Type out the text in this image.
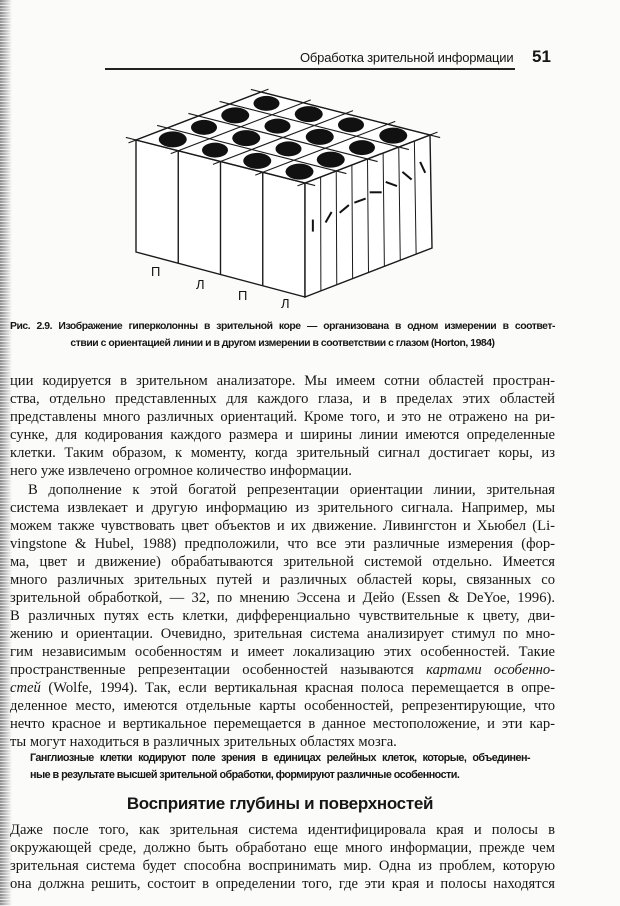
Обработка зрительной информации 51
П
Л
П
Л
Рис. 2.9. Изображение гиперколонны в зрительной коре — организована в одном измерении в соответ-
ствии с ориентацией линии и в другом измерении в соответствии с глазом (Horton, 1984)
ции кодируется в зрительном анализаторе. Мы имеем сотни областей простран-
ства, отдельно представленных для каждого глаза, и в пределах этих областей
представлены много различных ориентаций. Кроме того, и это не отражено на ри-
сунке, для кодирования каждого размера и ширины линии имеются определенные
клетки. Таким образом, к моменту, когда зрительный сигнал достигает коры, из
него уже извлечено огромное количество информации.
В дополнение к этой богатой репрезентации ориентации линии, зрительная
система извлекает и другую информацию из зрительного сигнала. Например, мы
можем также чувствовать цвет объектов и их движение. Ливингстон и Хьюбел (Li-
vingstone & Hubel, 1988) предположили, что все эти различные измерения (фор-
ма, цвет и движение) обрабатываются зрительной системой отдельно. Имеется
много различных зрительных путей и различных областей коры, связанных со
зрительной обработкой, — 32, по мнению Эссена и Дейо (Essen & DeYoe, 1996).
В различных путях есть клетки, дифференциально чувствительные к цвету, дви-
жению и ориентации. Очевидно, зрительная система анализирует стимул по мно-
гим независимым особенностям и имеет локализацию этих особенностей. Такие
пространственные репрезентации особенностей называются картами особенно-
стей (Wolfe, 1994). Так, если вертикальная красная полоса перемещается в опре-
деленное место, имеются отдельные карты особенностей, репрезентирующие, что
нечто красное и вертикальное перемещается в данное местоположение, и эти кар-
ты могут находиться в различных зрительных областях мозга.
Ганглиозные клетки кодируют поле зрения в единицах релейных клеток, которые, объединен-
ные в результате высшей зрительной обработки, формируют различные особенности.
Восприятие глубины и поверхностей
Даже после того, как зрительная система идентифицировала края и полосы в
окружающей среде, должно быть обработано еще много информации, прежде чем
зрительная система будет способна воспринимать мир. Одна из проблем, которую
она должна решить, состоит в определении того, где эти края и полосы находятся
